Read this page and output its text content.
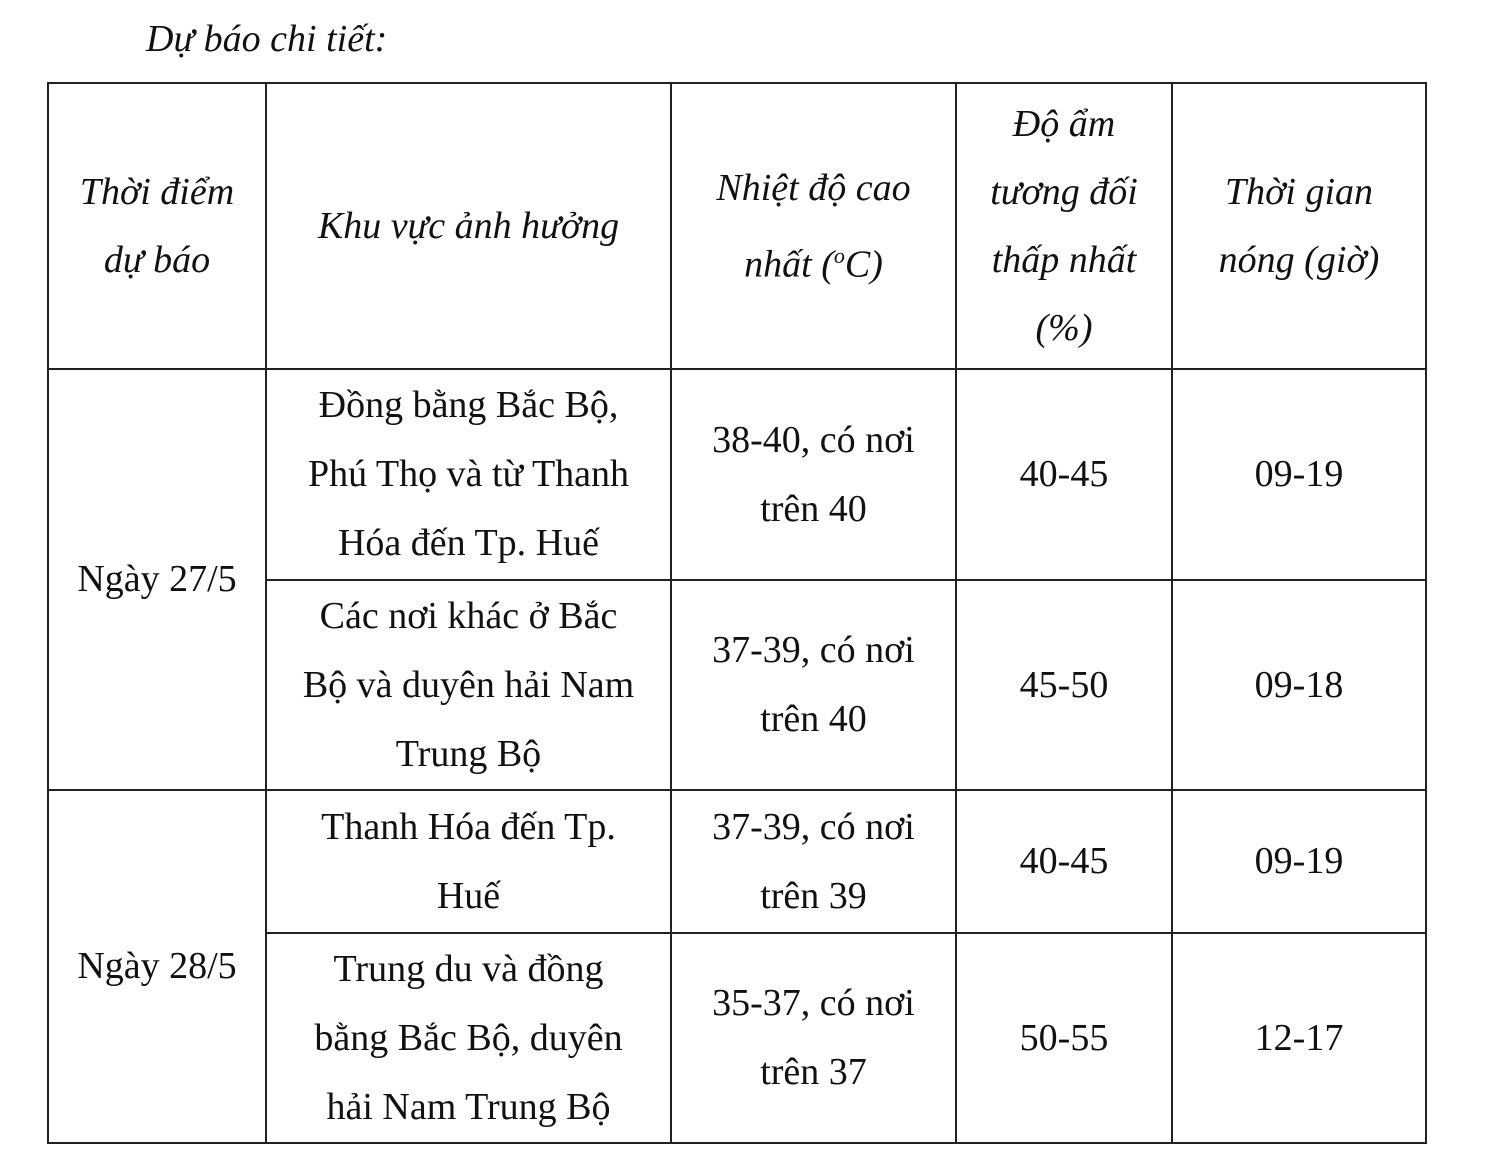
Dự báo chi tiết:
Thời điểm
dự báo	Khu vực ảnh hưởng	Nhiệt độ cao
nhất ($^o$C)	Độ ẩm
tương đối
thấp nhất
(%)	Thời gian
nóng (giờ)
Ngày 27/5	Đồng bằng Bắc Bộ,
Phú Thọ và từ Thanh
Hóa đến Tp. Huế	38-40, có nơi
trên 40	40-45	09-19
	Các nơi khác ở Bắc
Bộ và duyên hải Nam
Trung Bộ	37-39, có nơi
trên 40	45-50	09-18
Ngày 28/5	Thanh Hóa đến Tp.
Huế	37-39, có nơi
trên 39	40-45	09-19
	Trung du và đồng
bằng Bắc Bộ, duyên
hải Nam Trung Bộ	35-37, có nơi
trên 37	50-55	12-17
